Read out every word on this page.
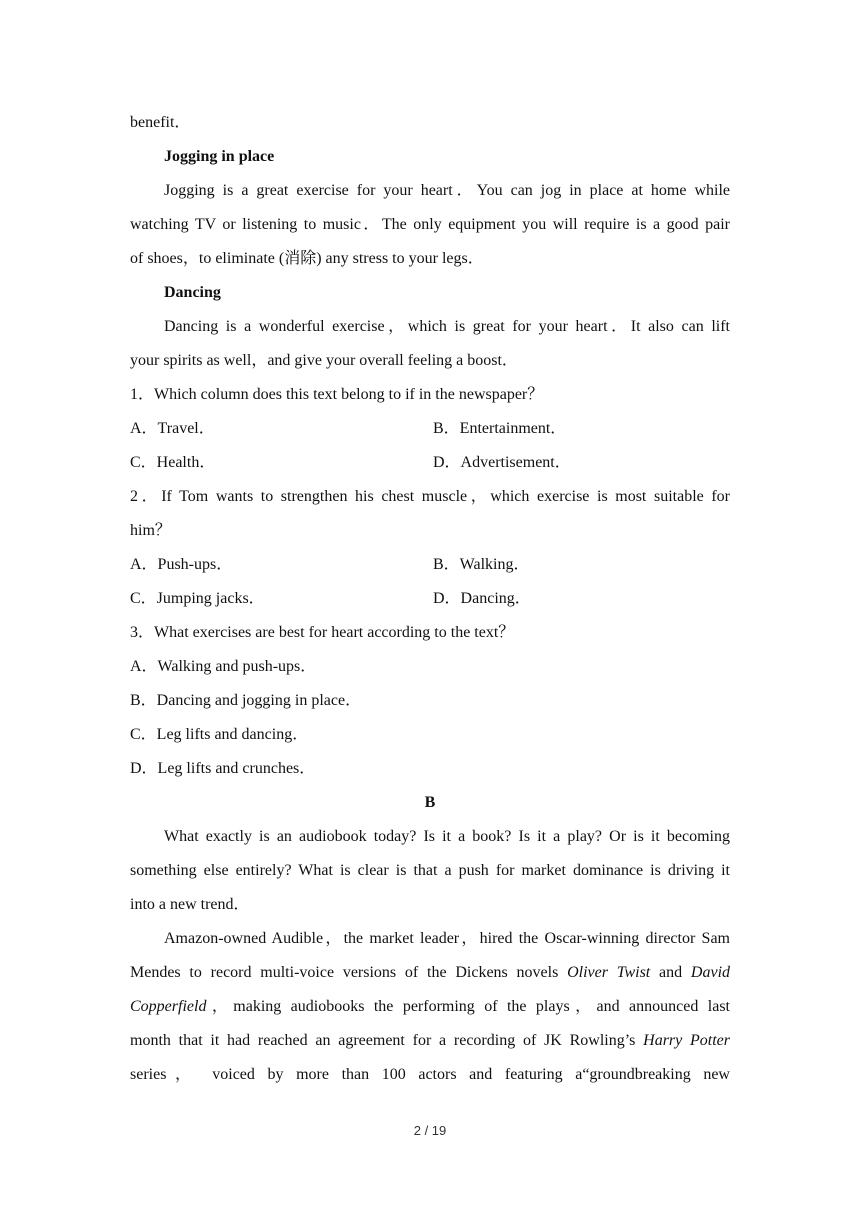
benefit．
Jogging in place
Jogging is a great exercise for your heart．You can jog in place at home while
watching TV or listening to music．The only equipment you will require is a good pair
of shoes，to eliminate (消除) any stress to your legs．
Dancing
Dancing is a wonderful exercise，which is great for your heart．It also can lift
your spirits as well，and give your overall feeling a boost．
1．Which column does this text belong to if in the newspaper？
A．Travel．	B．Entertainment．
C．Health．	D．Advertisement．
2．If Tom wants to strengthen his chest muscle，which exercise is most suitable for
him？
A．Push-ups．	B．Walking．
C．Jumping jacks．	D．Dancing．
3．What exercises are best for heart according to the text？
A．Walking and push-ups．
B．Dancing and jogging in place．
C．Leg lifts and dancing．
D．Leg lifts and crunches．
B
What exactly is an audiobook today? Is it a book? Is it a play? Or is it becoming
something else entirely? What is clear is that a push for market dominance is driving it
into a new trend．
Amazon-owned Audible，the market leader，hired the Oscar-winning director Sam
Mendes to record multi-voice versions of the Dickens novels Oliver Twist and David
Copperfield，making audiobooks the performing of the plays，and announced last
month that it had reached an agreement for a recording of JK Rowling’s Harry Potter
series， voiced by more than 100 actors and featuring a“groundbreaking new
2 / 19
